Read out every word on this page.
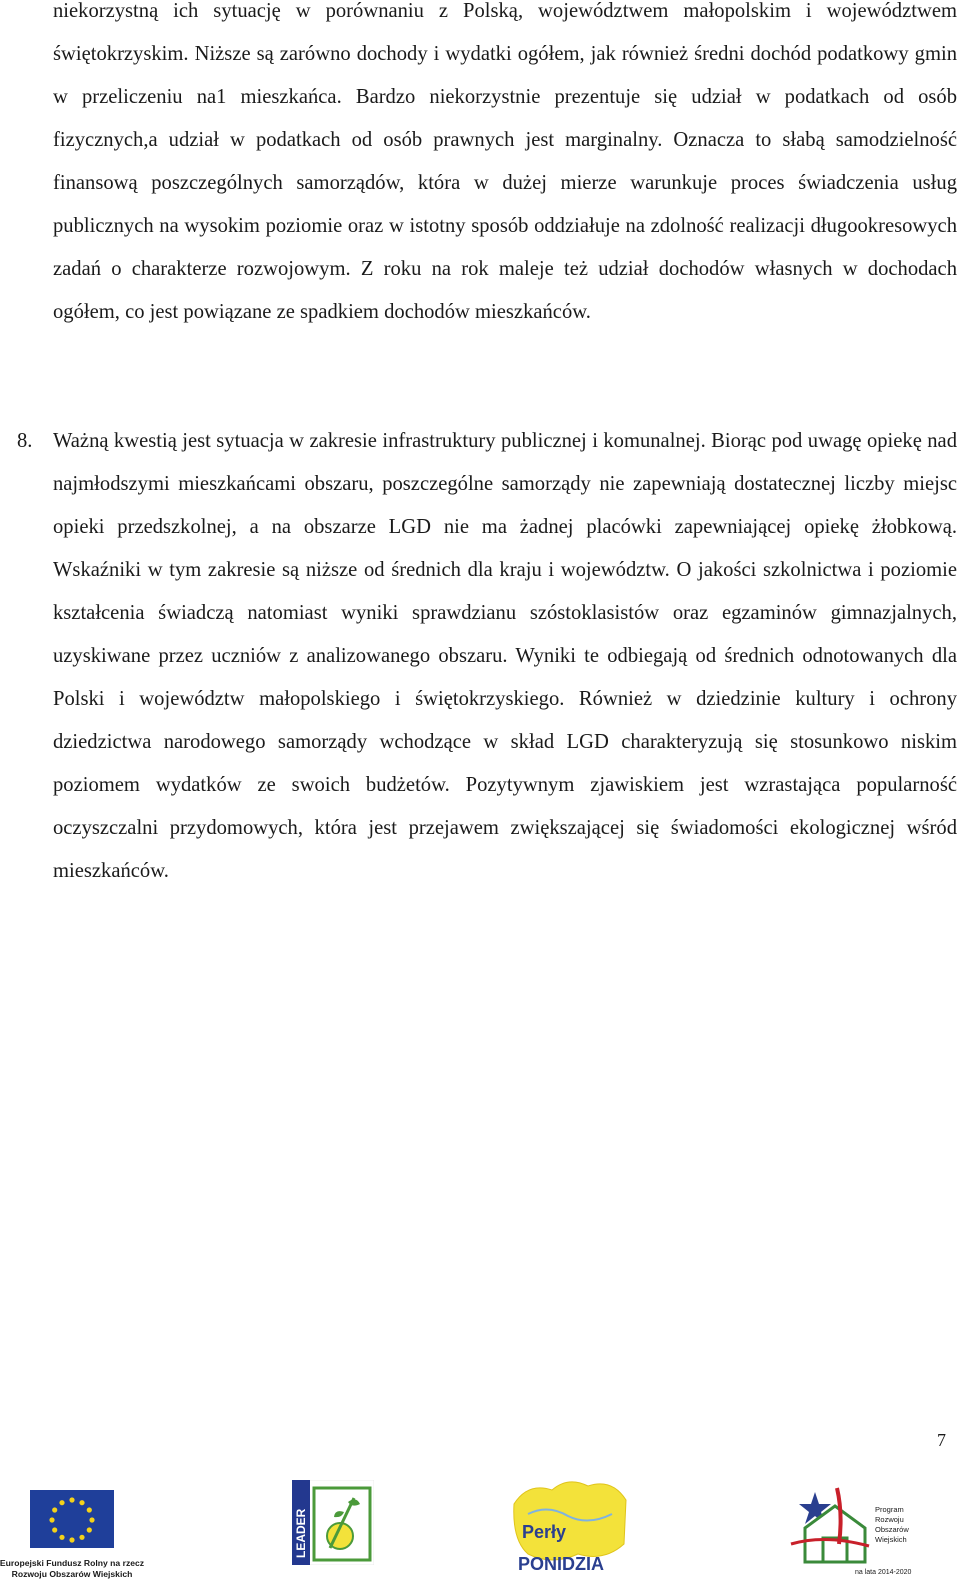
niekorzystną ich sytuację w porównaniu z Polską, województwem małopolskim i województwem świętokrzyskim. Niższe są zarówno dochody i wydatki ogółem, jak również średni dochód podatkowy gmin w przeliczeniu na1 mieszkańca. Bardzo niekorzystnie prezentuje się udział w podatkach od osób fizycznych,a udział w podatkach od osób prawnych jest marginalny. Oznacza to słabą samodzielność finansową poszczególnych samorządów, która w dużej mierze warunkuje proces świadczenia usług publicznych na wysokim poziomie oraz w istotny sposób oddziałuje na zdolność realizacji długookresowych zadań o charakterze rozwojowym. Z roku na rok maleje też udział dochodów własnych w dochodach ogółem, co jest powiązane ze spadkiem dochodów mieszkańców.

8. Ważną kwestią jest sytuacja w zakresie infrastruktury publicznej i komunalnej. Biorąc pod uwagę opiekę nad najmłodszymi mieszkańcami obszaru, poszczególne samorządy nie zapewniają dostatecznej liczby miejsc opieki przedszkolnej, a na obszarze LGD nie ma żadnej placówki zapewniającej opiekę żłobkową. Wskaźniki w tym zakresie są niższe od średnich dla kraju i województw. O jakości szkolnictwa i poziomie kształcenia świadczą natomiast wyniki sprawdzianu szóstoklasistów oraz egzaminów gimnazjalnych, uzyskiwane przez uczniów z analizowanego obszaru. Wyniki te odbiegają od średnich odnotowanych dla Polski i województw małopolskiego i świętokrzyskiego. Również w dziedzinie kultury i ochrony dziedzictwa narodowego samorządy wchodzące w skład LGD charakteryzują się stosunkowo niskim poziomem wydatków ze swoich budżetów. Pozytywnym zjawiskiem jest wzrastająca popularność oczyszczalni przydomowych, która jest przejawem zwiększającej się świadomości ekologicznej wśród mieszkańców.

7
Europejski Fundusz Rolny na rzecz
Rozwoju Obszarów Wiejskich
LEADER	Perły
PONIDZIA
Program
Rozwoju
Obszarów
Wiejskich
na lata 2014-2020
